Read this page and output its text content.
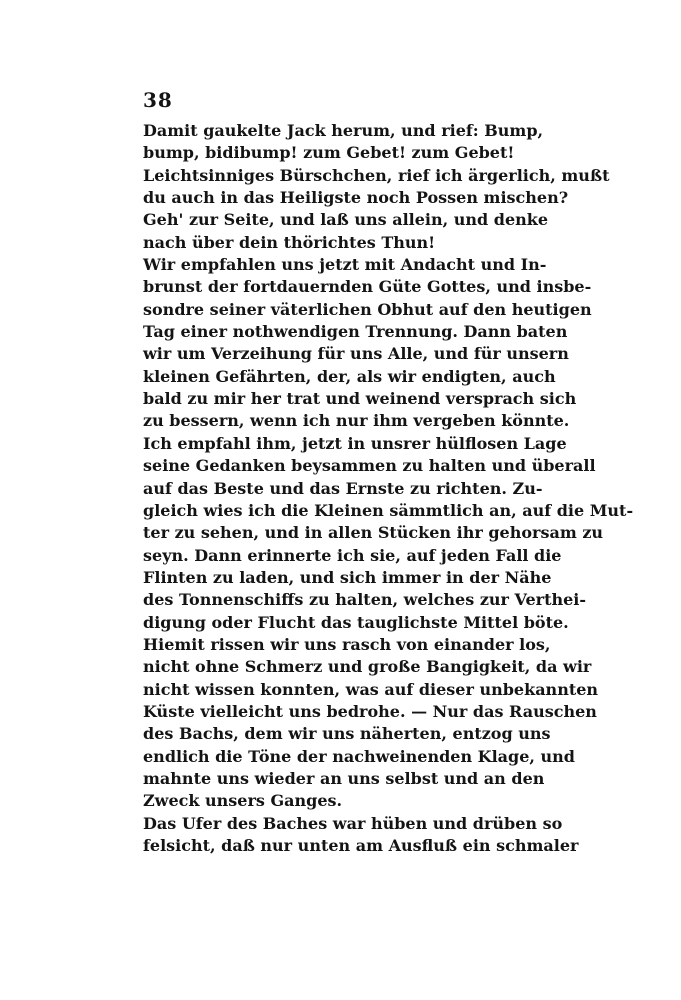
38
Damit gaukelte Jack herum, und rief: Bump,
bump, bidibump! zum Gebet! zum Gebet!
Leichtsinniges Bürschchen, rief ich ärgerlich, mußt
du auch in das Heiligste noch Possen mischen?
Geh' zur Seite, und laß uns allein, und denke
nach über dein thörichtes Thun!
Wir empfahlen uns jetzt mit Andacht und In-
brunst der fortdauernden Güte Gottes, und insbe-
sondre seiner väterlichen Obhut auf den heutigen
Tag einer nothwendigen Trennung. Dann baten
wir um Verzeihung für uns Alle, und für unsern
kleinen Gefährten, der, als wir endigten, auch
bald zu mir her trat und weinend versprach sich
zu bessern, wenn ich nur ihm vergeben könnte.
Ich empfahl ihm, jetzt in unsrer hülflosen Lage
seine Gedanken beysammen zu halten und überall
auf das Beste und das Ernste zu richten. Zu-
gleich wies ich die Kleinen sämmtlich an, auf die Mut-
ter zu sehen, und in allen Stücken ihr gehorsam zu
seyn. Dann erinnerte ich sie, auf jeden Fall die
Flinten zu laden, und sich immer in der Nähe
des Tonnenschiffs zu halten, welches zur Verthei-
digung oder Flucht das tauglichste Mittel böte.
Hiemit rissen wir uns rasch von einander los,
nicht ohne Schmerz und große Bangigkeit, da wir
nicht wissen konnten, was auf dieser unbekannten
Küste vielleicht uns bedrohe. — Nur das Rauschen
des Bachs, dem wir uns näherten, entzog uns
endlich die Töne der nachweinenden Klage, und
mahnte uns wieder an uns selbst und an den
Zweck unsers Ganges.
Das Ufer des Baches war hüben und drüben so
felsicht, daß nur unten am Ausfluß ein schmaler
